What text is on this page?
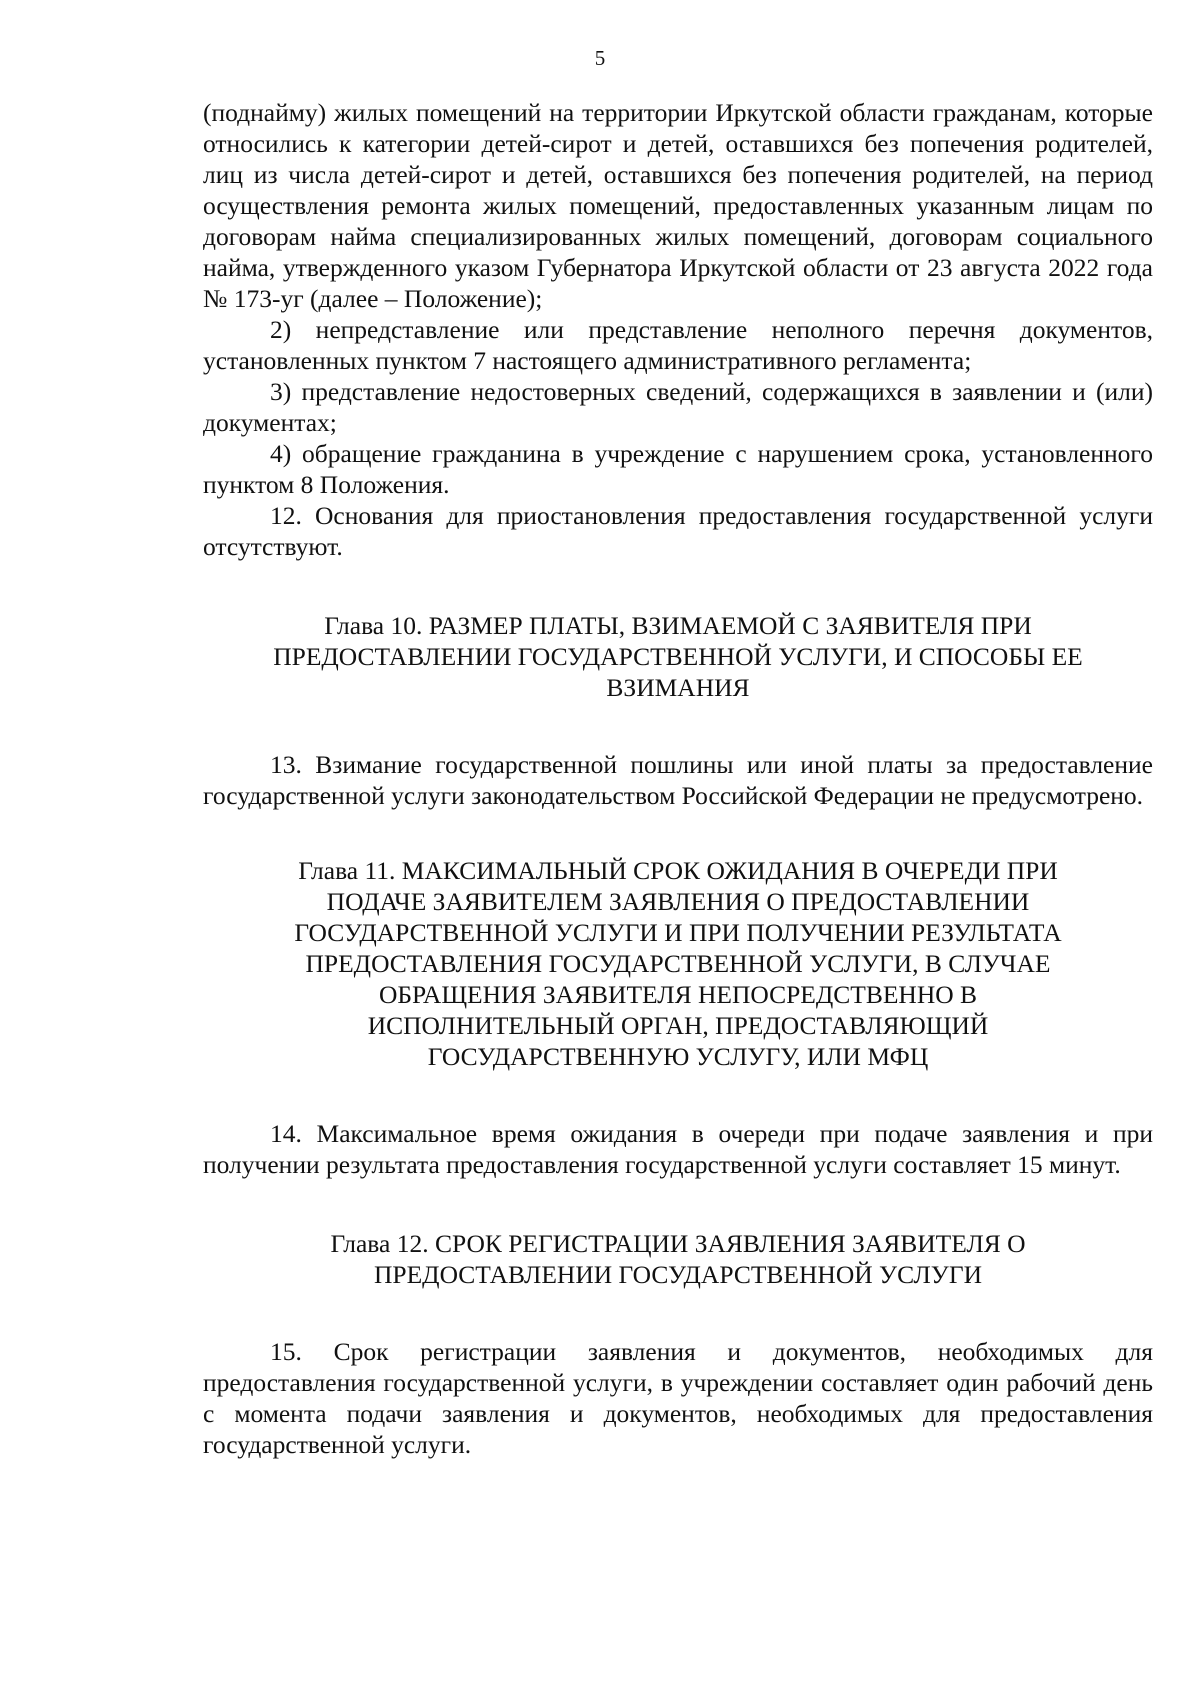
5

(поднайму) жилых помещений на территории Иркутской области гражданам, которые относились к категории детей-сирот и детей, оставшихся без попечения родителей, лиц из числа детей-сирот и детей, оставшихся без попечения родителей, на период осуществления ремонта жилых помещений, предоставленных указанным лицам по договорам найма специализированных жилых помещений, договорам социального найма, утвержденного указом Губернатора Иркутской области от 23 августа 2022 года № 173-уг (далее – Положение);

2) непредставление или представление неполного перечня документов, установленных пунктом 7 настоящего административного регламента;

3) представление недостоверных сведений, содержащихся в заявлении и (или) документах;

4) обращение гражданина в учреждение с нарушением срока, установленного пунктом 8 Положения.

12. Основания для приостановления предоставления государственной услуги отсутствуют.

Глава 10. РАЗМЕР ПЛАТЫ, ВЗИМАЕМОЙ С ЗАЯВИТЕЛЯ ПРИ
ПРЕДОСТАВЛЕНИИ ГОСУДАРСТВЕННОЙ УСЛУГИ, И СПОСОБЫ ЕЕ
ВЗИМАНИЯ

13. Взимание государственной пошлины или иной платы за предоставление государственной услуги законодательством Российской Федерации не предусмотрено.

Глава 11. МАКСИМАЛЬНЫЙ СРОК ОЖИДАНИЯ В ОЧЕРЕДИ ПРИ
ПОДАЧЕ ЗАЯВИТЕЛЕМ ЗАЯВЛЕНИЯ О ПРЕДОСТАВЛЕНИИ
ГОСУДАРСТВЕННОЙ УСЛУГИ И ПРИ ПОЛУЧЕНИИ РЕЗУЛЬТАТА
ПРЕДОСТАВЛЕНИЯ ГОСУДАРСТВЕННОЙ УСЛУГИ, В СЛУЧАЕ
ОБРАЩЕНИЯ ЗАЯВИТЕЛЯ НЕПОСРЕДСТВЕННО В
ИСПОЛНИТЕЛЬНЫЙ ОРГАН, ПРЕДОСТАВЛЯЮЩИЙ
ГОСУДАРСТВЕННУЮ УСЛУГУ, ИЛИ МФЦ

14. Максимальное время ожидания в очереди при подаче заявления и при получении результата предоставления государственной услуги составляет 15 минут.

Глава 12. СРОК РЕГИСТРАЦИИ ЗАЯВЛЕНИЯ ЗАЯВИТЕЛЯ О
ПРЕДОСТАВЛЕНИИ ГОСУДАРСТВЕННОЙ УСЛУГИ

15. Срок регистрации заявления и документов, необходимых для предоставления государственной услуги, в учреждении составляет один рабочий день с момента подачи заявления и документов, необходимых для предоставления государственной услуги.
